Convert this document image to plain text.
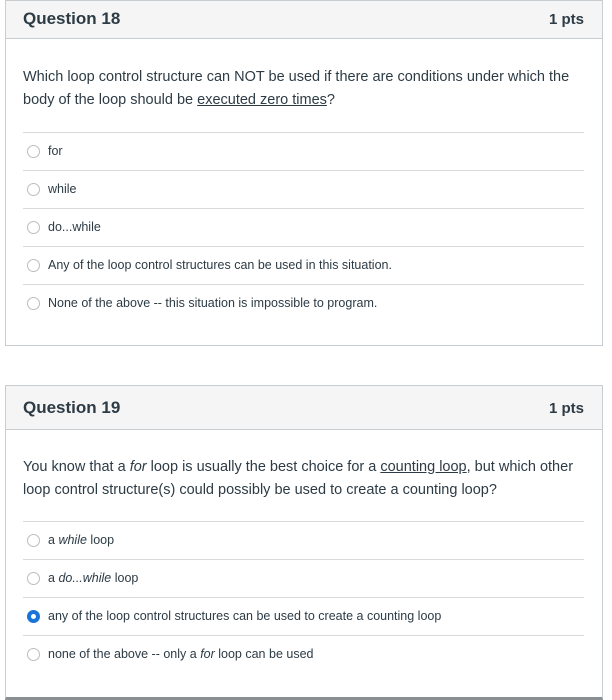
Question 18	1 pts
Which loop control structure can NOT be used if there are conditions under which the body of the loop should be executed zero times?
for
while
do...while
Any of the loop control structures can be used in this situation.
None of the above -- this situation is impossible to program.
Question 19	1 pts
You know that a for loop is usually the best choice for a counting loop, but which other loop control structure(s) could possibly be used to create a counting loop?
a while loop
a do...while loop
any of the loop control structures can be used to create a counting loop
none of the above -- only a for loop can be used
